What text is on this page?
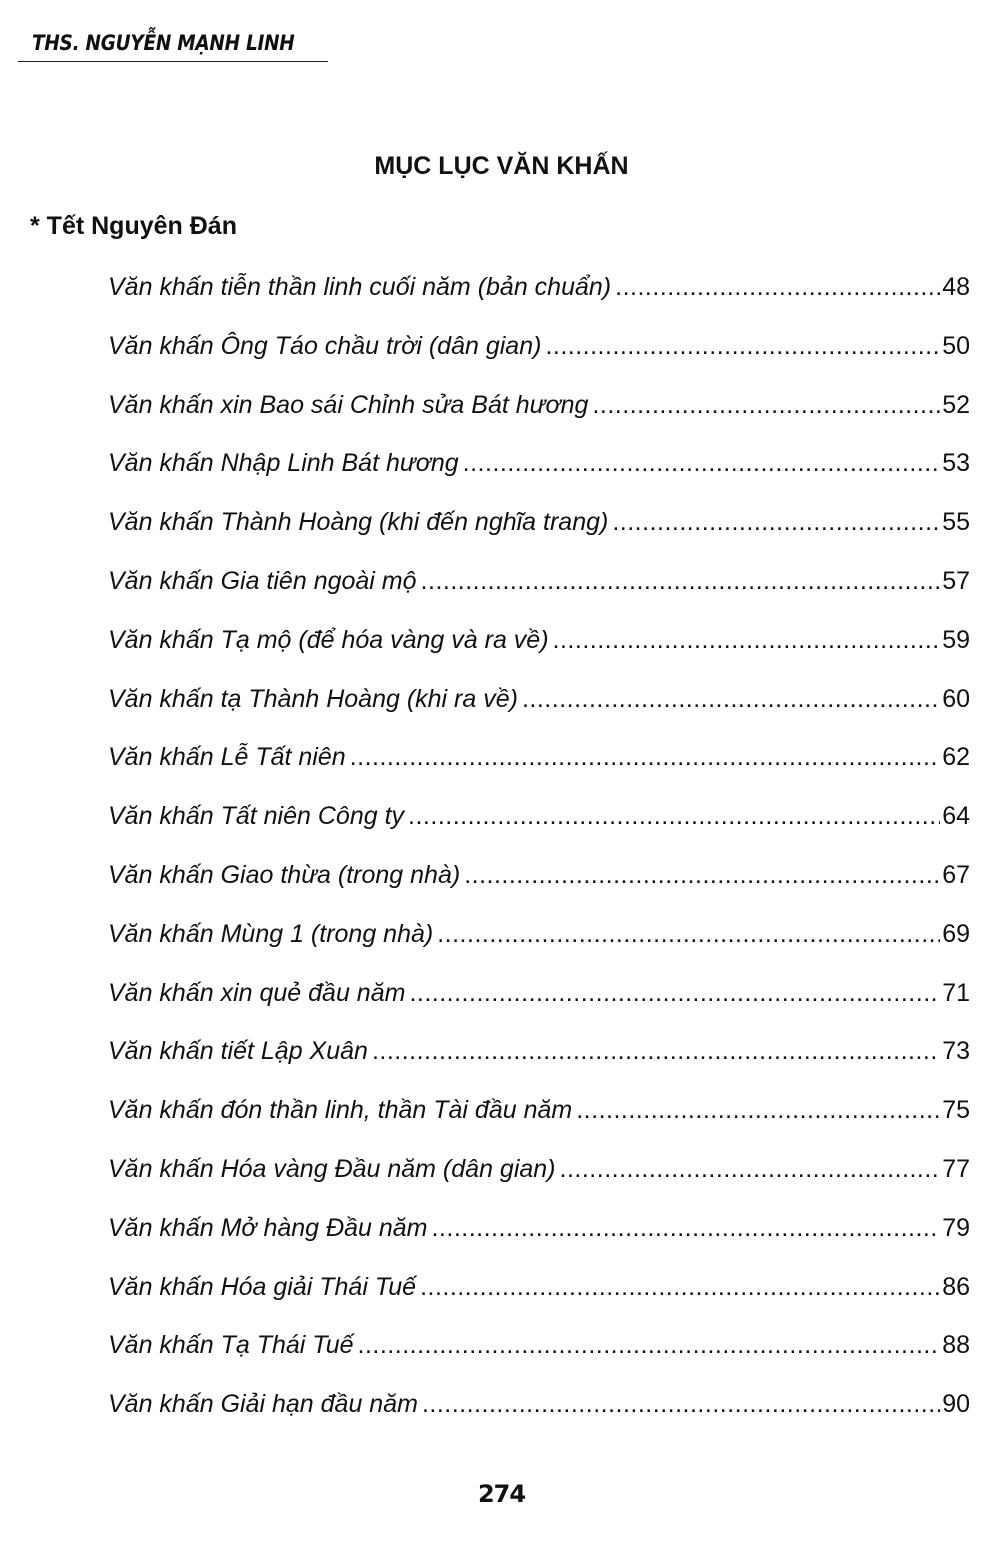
THS. NGUYỄN MẠNH LINH
MỤC LỤC VĂN KHẤN
* Tết Nguyên Đán
Văn khấn tiễn thần linh cuối năm (bản chuẩn) .....	48
Văn khấn Ông Táo chầu trời (dân gian) .....	50
Văn khấn xin Bao sái Chỉnh sửa Bát hương .....	52
Văn khấn Nhập Linh Bát hương .....	53
Văn khấn Thành Hoàng (khi đến nghĩa trang) .....	55
Văn khấn Gia tiên ngoài mộ .....	57
Văn khấn Tạ mộ (để hóa vàng và ra về) .....	59
Văn khấn tạ Thành Hoàng (khi ra về) .....	60
Văn khấn Lễ Tất niên .....	62
Văn khấn Tất niên Công ty .....	64
Văn khấn Giao thừa (trong nhà) .....	67
Văn khấn Mùng 1 (trong nhà) .....	69
Văn khấn xin quẻ đầu năm .....	71
Văn khấn tiết Lập Xuân .....	73
Văn khấn đón thần linh, thần Tài đầu năm .....	75
Văn khấn Hóa vàng Đầu năm (dân gian) .....	77
Văn khấn Mở hàng Đầu năm .....	79
Văn khấn Hóa giải Thái Tuế .....	86
Văn khấn Tạ Thái Tuế .....	88
Văn khấn Giải hạn đầu năm .....	90
274
